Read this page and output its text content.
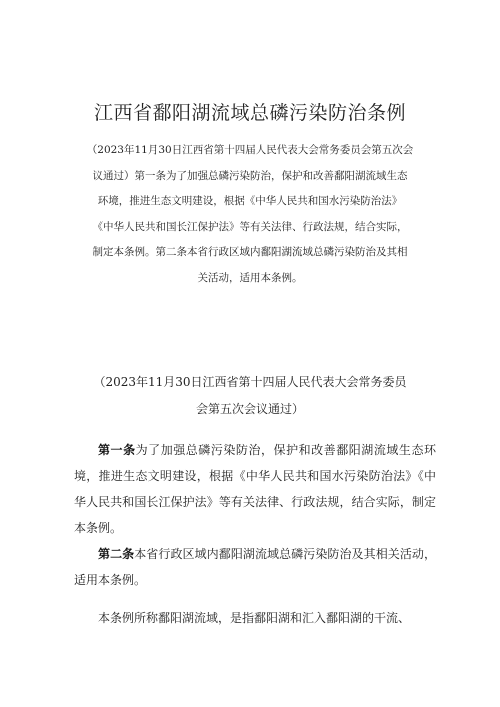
江西省鄱阳湖流域总磷污染防治条例

（2023年11月30日江西省第十四届人民代表大会常务委员会第五次会

议通过）第一条为了加强总磷污染防治，保护和改善鄱阳湖流域生态

环境，推进生态文明建设，根据《中华人民共和国水污染防治法》

《中华人民共和国长江保护法》等有关法律、行政法规，结合实际，

制定本条例。第二条本省行政区域内鄱阳湖流域总磷污染防治及其相

关活动，适用本条例。

（2023年11月30日江西省第十四届人民代表大会常务委员

会第五次会议通过）

第一条为了加强总磷污染防治，保护和改善鄱阳湖流域生态环境，推进生态文明建设，根据《中华人民共和国水污染防治法》《中华人民共和国长江保护法》等有关法律、行政法规，结合实际，制定本条例。

第二条本省行政区域内鄱阳湖流域总磷污染防治及其相关活动，适用本条例。

本条例所称鄱阳湖流域，是指鄱阳湖和汇入鄱阳湖的干流、
